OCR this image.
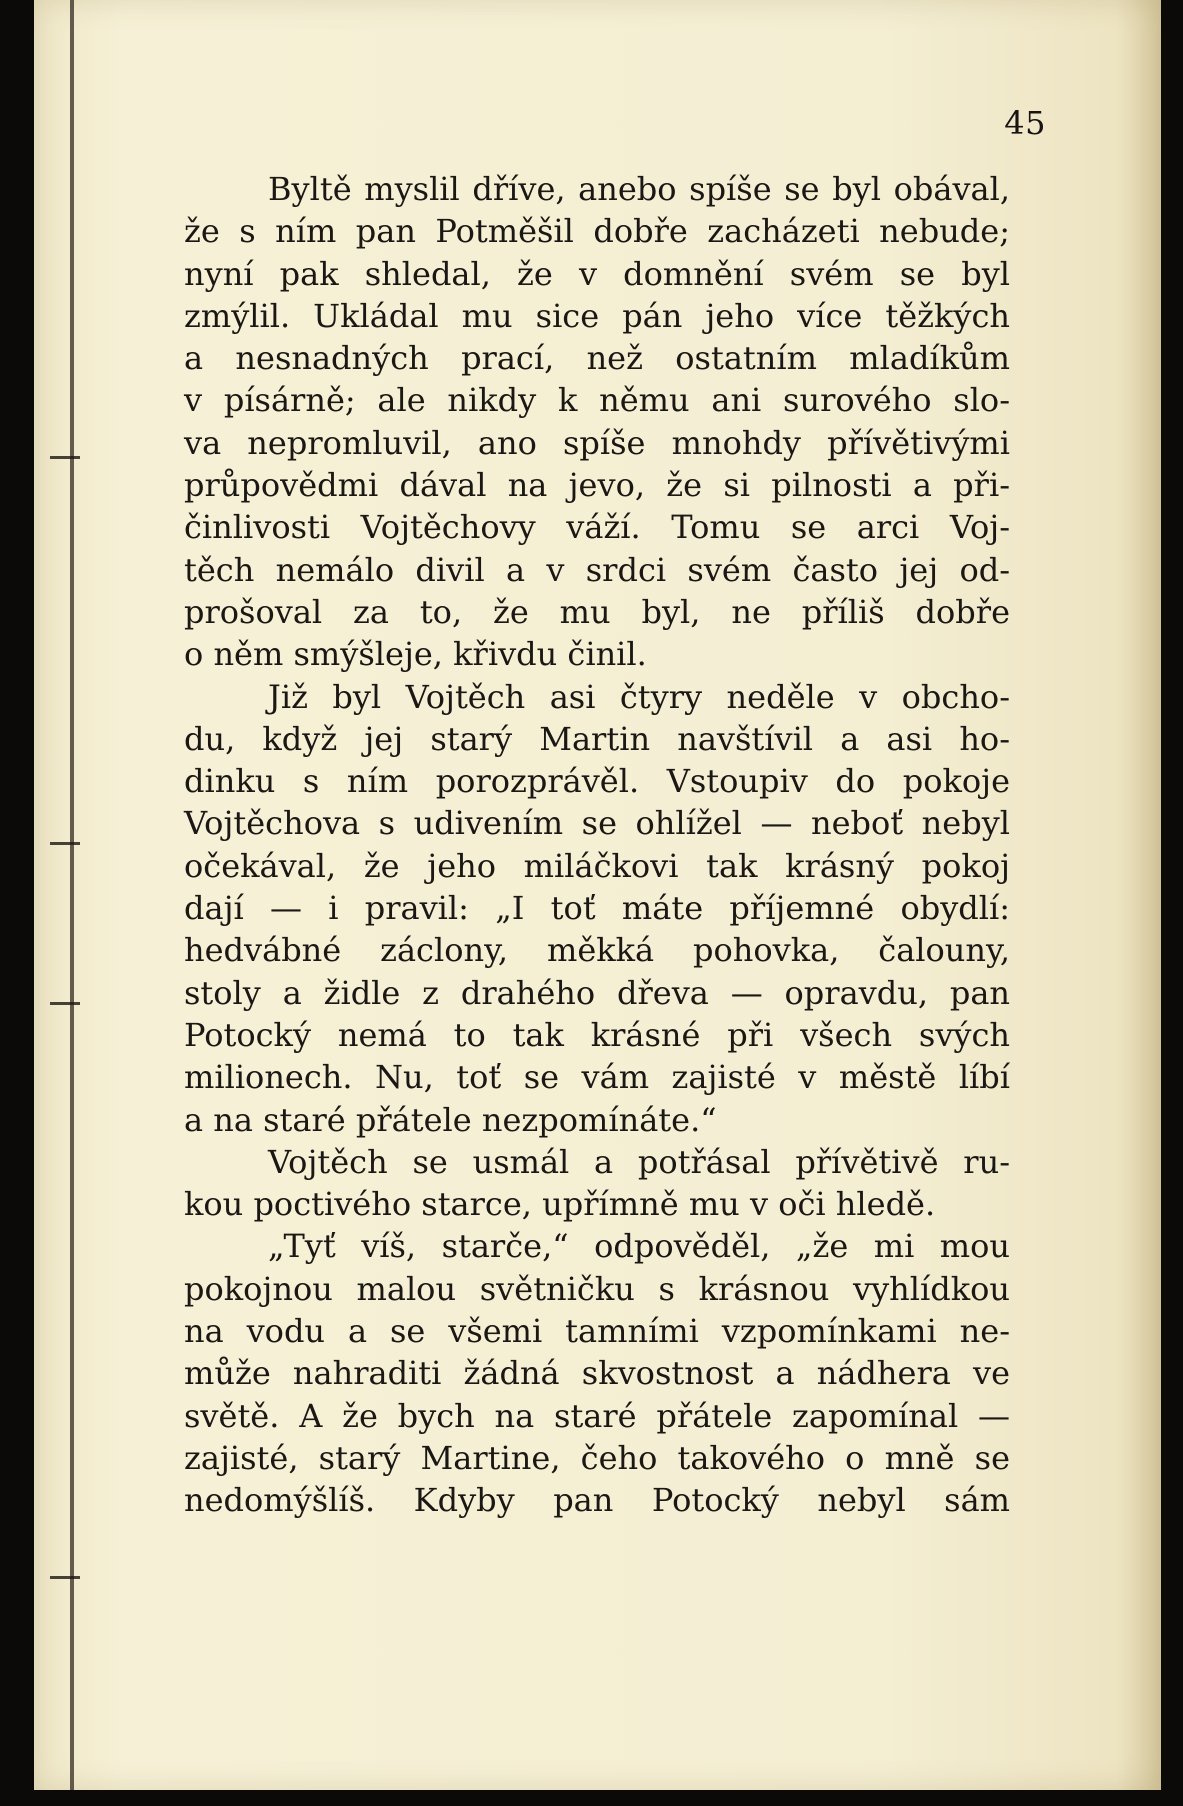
45
Byltě myslil dříve, anebo spíše se byl obával,
že s ním pan Potměšil dobře zacházeti nebude;
nyní pak shledal, že v domnění svém se byl
zmýlil. Ukládal mu sice pán jeho více těžkých
a nesnadných prací, než ostatním mladíkům
v písárně; ale nikdy k němu ani surového slo-
va nepromluvil, ano spíše mnohdy přívětivými
průpovědmi dával na jevo, že si pilnosti a při-
činlivosti Vojtěchovy váží. Tomu se arci Voj-
těch nemálo divil a v srdci svém často jej od-
prošoval za to, že mu byl, ne příliš dobře
o něm smýšleje, křivdu činil.
Již byl Vojtěch asi čtyry neděle v obcho-
du, když jej starý Martin navštívil a asi ho-
dinku s ním porozprávěl. Vstoupiv do pokoje
Vojtěchova s udivením se ohlížel — neboť nebyl
očekával, že jeho miláčkovi tak krásný pokoj
dají — i pravil: „I toť máte příjemné obydlí:
hedvábné záclony, měkká pohovka, čalouny,
stoly a židle z drahého dřeva — opravdu, pan
Potocký nemá to tak krásné při všech svých
milionech. Nu, toť se vám zajisté v městě líbí
a na staré přátele nezpomínáte.“
Vojtěch se usmál a potřásal přívětivě ru-
kou poctivého starce, upřímně mu v oči hledě.
„Tyť víš, starče,“ odpověděl, „že mi mou
pokojnou malou světničku s krásnou vyhlídkou
na vodu a se všemi tamními vzpomínkami ne-
může nahraditi žádná skvostnost a nádhera ve
světě. A že bych na staré přátele zapomínal —
zajisté, starý Martine, čeho takového o mně se
nedomýšlíš. Kdyby pan Potocký nebyl sám
